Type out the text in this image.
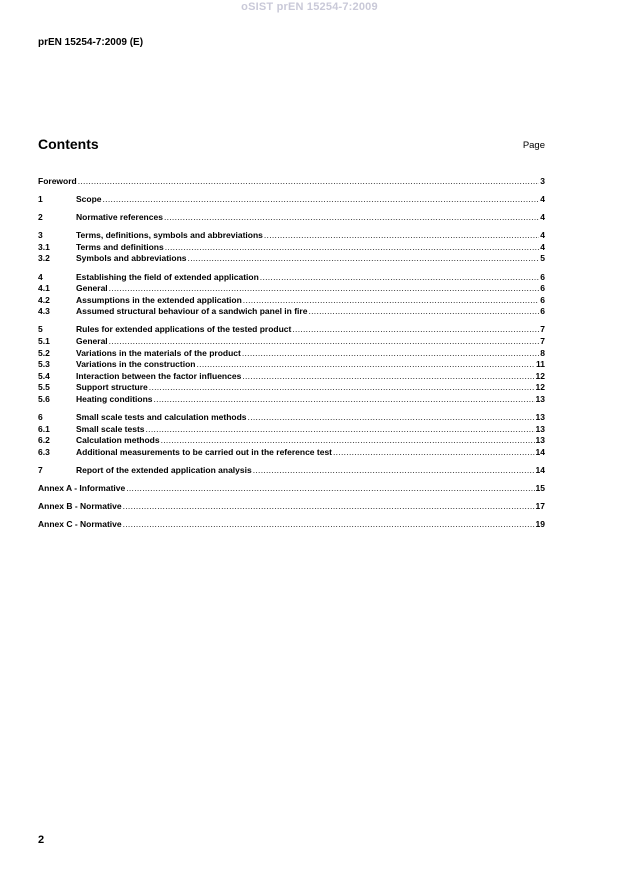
oSIST prEN 15254-7:2009
prEN 15254-7:2009 (E)
Contents	Page
Foreword .....	3
1	Scope .....	4
2	Normative references .....	4
3	Terms, definitions, symbols and abbreviations .....	4
3.1	Terms and definitions .....	4
3.2	Symbols and abbreviations .....	5
4	Establishing the field of extended application .....	6
4.1	General .....	6
4.2	Assumptions in the extended application .....	6
4.3	Assumed structural behaviour of a sandwich panel in fire .....	6
5	Rules for extended applications of the tested product .....	7
5.1	General .....	7
5.2	Variations in the materials of the product .....	8
5.3	Variations in the construction .....	11
5.4	Interaction between the factor influences .....	12
5.5	Support structure .....	12
5.6	Heating conditions .....	13
6	Small scale tests and calculation methods .....	13
6.1	Small scale tests .....	13
6.2	Calculation methods .....	13
6.3	Additional measurements to be carried out in the reference test .....	14
7	Report of the extended application analysis .....	14
Annex A - Informative .....	15
Annex B - Normative .....	17
Annex C - Normative .....	19
2
